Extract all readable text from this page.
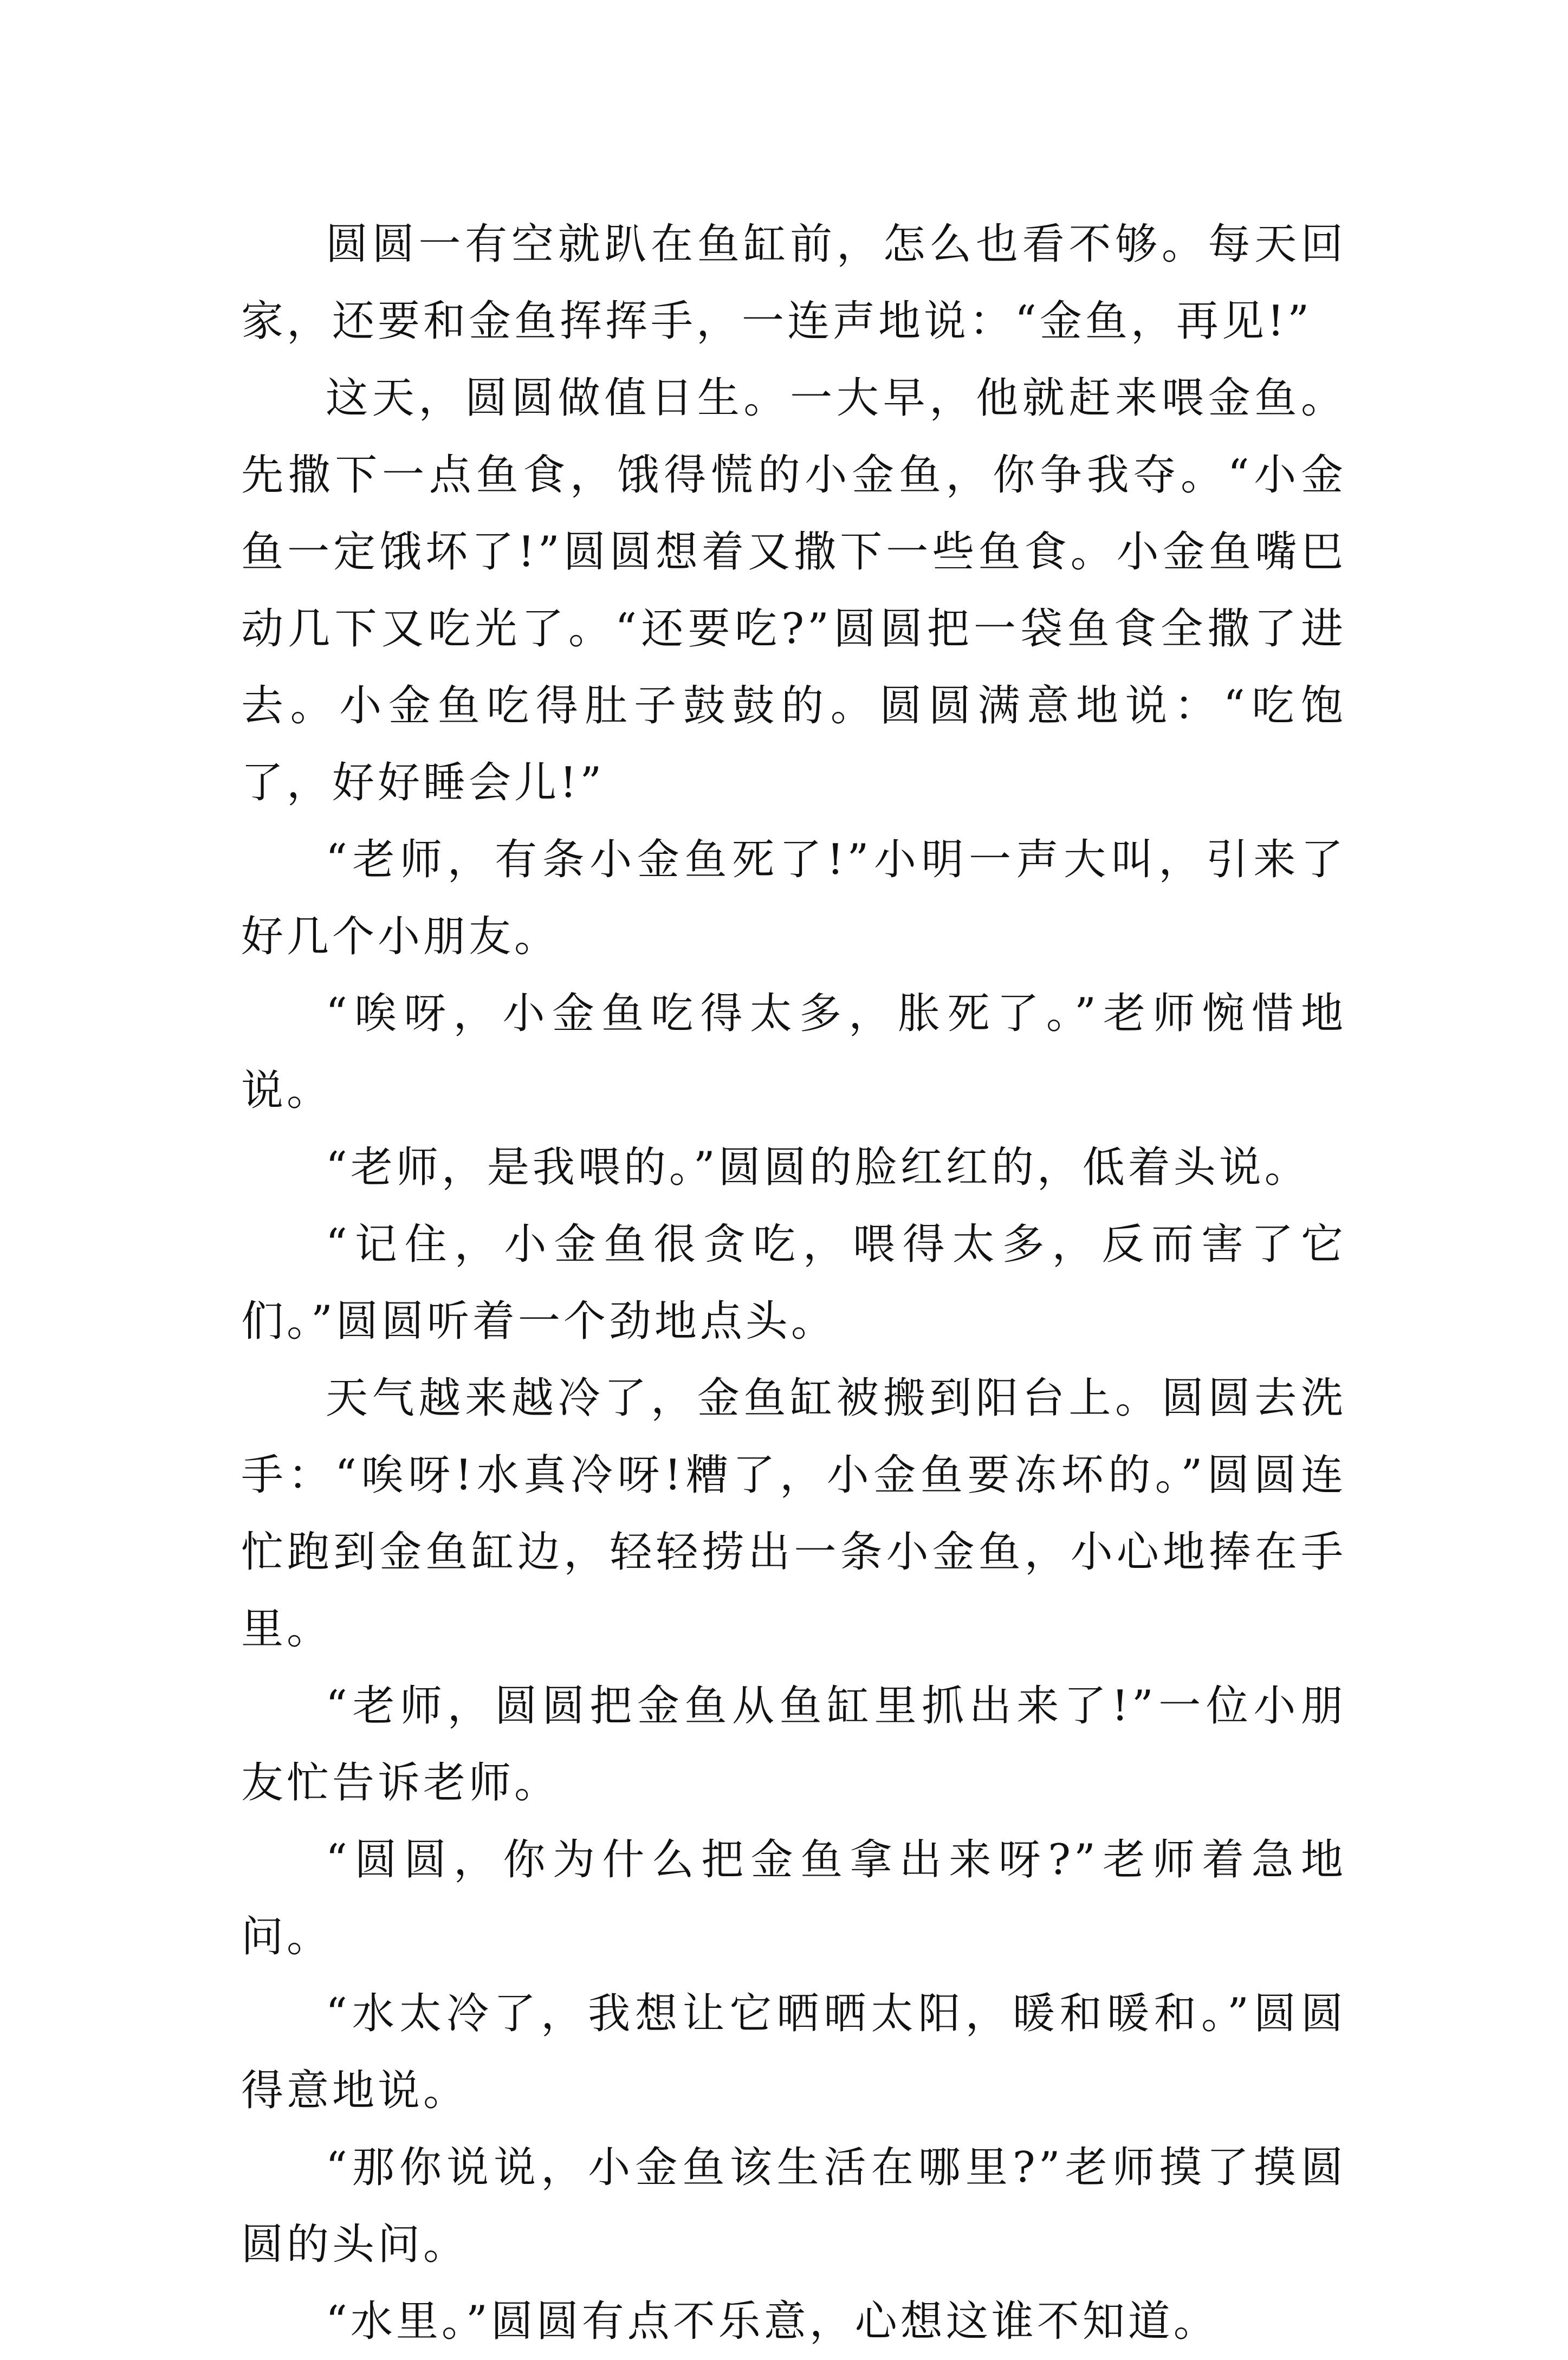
圆圆一有空就趴在鱼缸前，怎么也看不够。每天回家，还要和金鱼挥挥手，一连声地说：“金鱼，再见!”

这天，圆圆做值日生。一大早，他就赶来喂金鱼。先撒下一点鱼食，饿得慌的小金鱼，你争我夺。“小金鱼一定饿坏了!”圆圆想着又撒下一些鱼食。小金鱼嘴巴动几下又吃光了。“还要吃?”圆圆把一袋鱼食全撒了进去。小金鱼吃得肚子鼓鼓的。圆圆满意地说：“吃饱了，好好睡会儿!”

“老师，有条小金鱼死了!”小明一声大叫，引来了好几个小朋友。

“唉呀，小金鱼吃得太多，胀死了。”老师惋惜地说。

“老师，是我喂的。”圆圆的脸红红的，低着头说。

“记住，小金鱼很贪吃，喂得太多，反而害了它们。”圆圆听着一个劲地点头。

天气越来越冷了，金鱼缸被搬到阳台上。圆圆去洗手：“唉呀!水真冷呀!糟了，小金鱼要冻坏的。”圆圆连忙跑到金鱼缸边，轻轻捞出一条小金鱼，小心地捧在手里。

“老师，圆圆把金鱼从鱼缸里抓出来了!”一位小朋友忙告诉老师。

“圆圆，你为什么把金鱼拿出来呀?”老师着急地问。

“水太冷了，我想让它晒晒太阳，暖和暖和。”圆圆得意地说。

“那你说说，小金鱼该生活在哪里?”老师摸了摸圆圆的头问。

“水里。”圆圆有点不乐意，心想这谁不知道。
